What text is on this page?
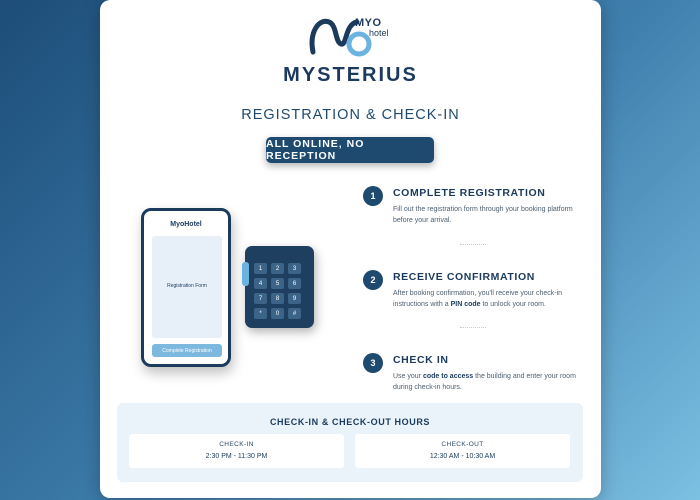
MYO
hotel
MYSTERIUS
REGISTRATION & CHECK-IN
ALL ONLINE, NO RECEPTION
MyoHotel
Registration Form
Complete Registration
1	2	3
4	5	6
7	8	9
*	0	#
1	COMPLETE REGISTRATION
Fill out the registration form through your booking platform before your arrival.
2	RECEIVE CONFIRMATION
After booking confirmation, you'll receive your check-in instructions with a PIN code to unlock your room.
3	CHECK IN
Use your code to access the building and enter your room during check-in hours.
CHECK-IN & CHECK-OUT HOURS
CHECK-IN
2:30 PM - 11:30 PM
CHECK-OUT
12:30 AM - 10:30 AM
